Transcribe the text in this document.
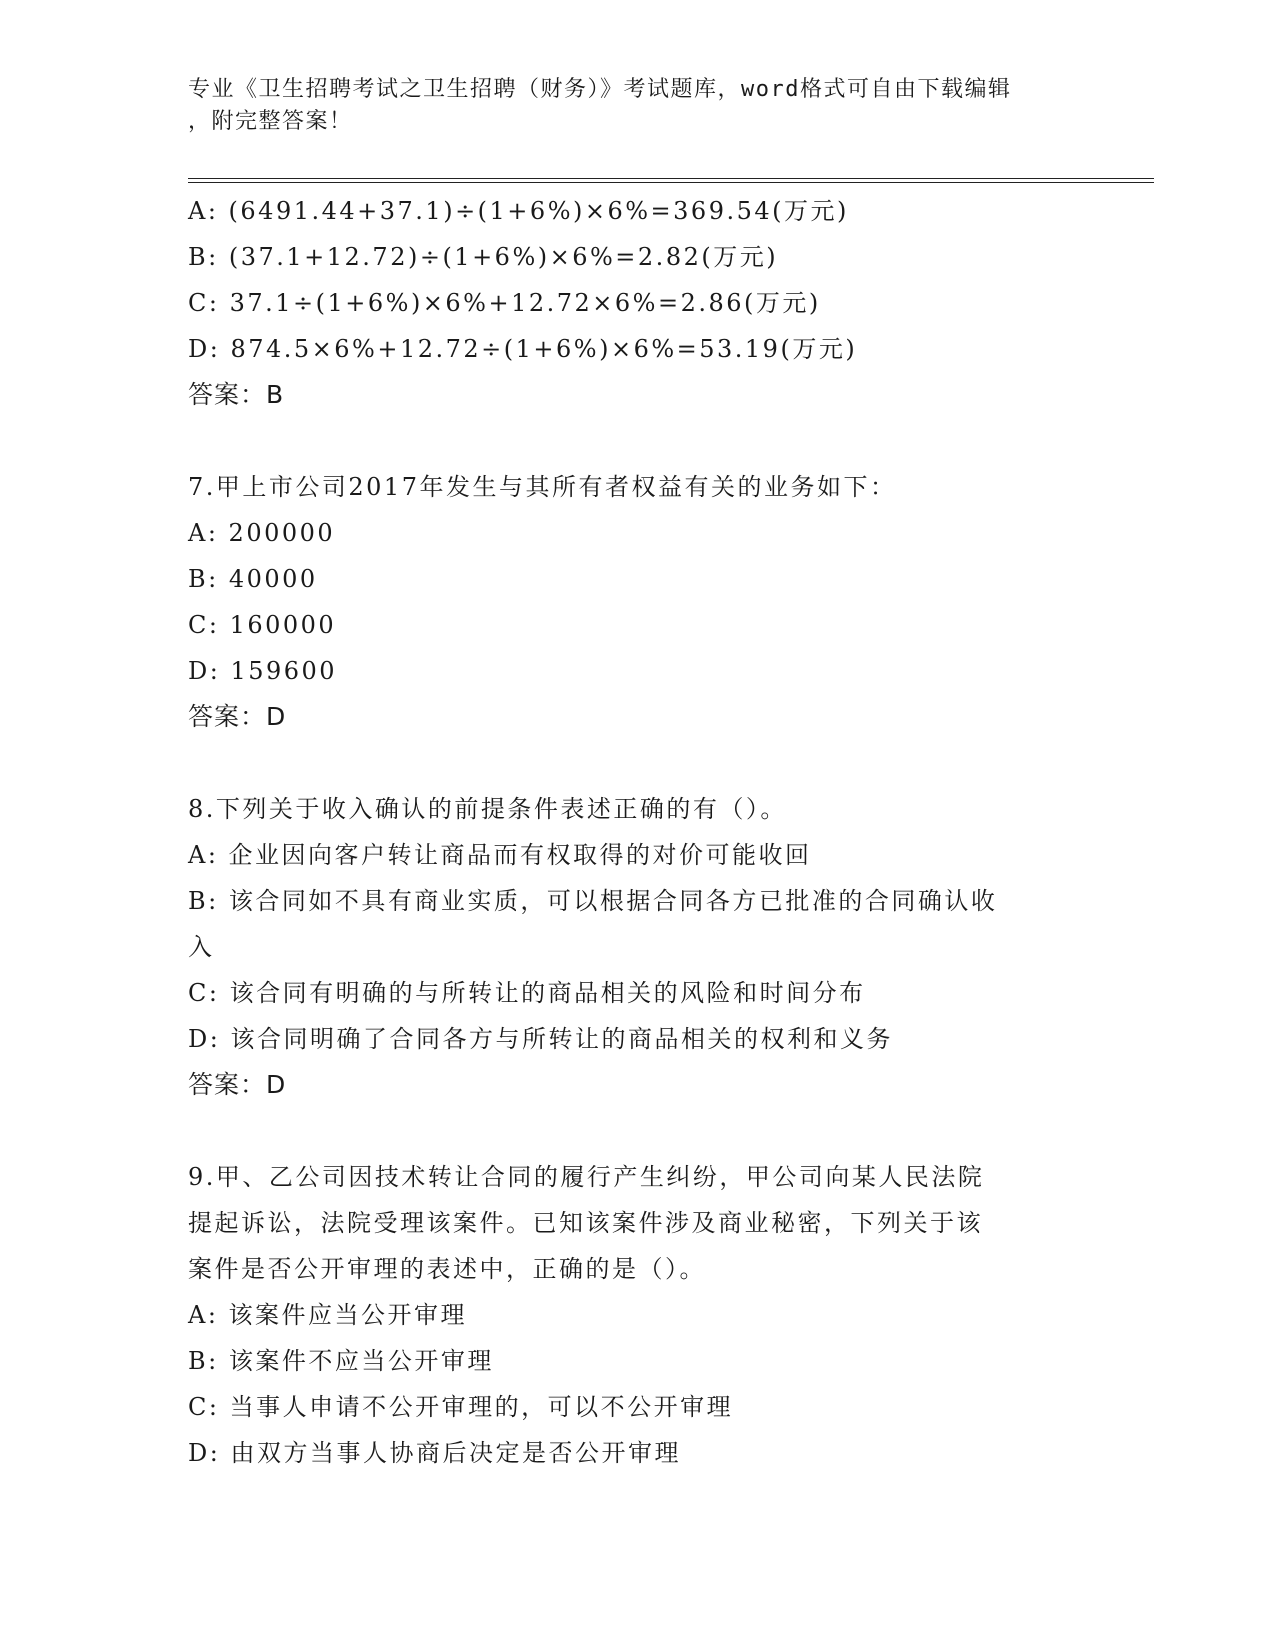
专业《卫生招聘考试之卫生招聘（财务）》考试题库，word格式可自由下载编辑
，附完整答案！
A: (6491.44+37.1)÷(1+6%)×6%=369.54(万元)
B: (37.1+12.72)÷(1+6%)×6%=2.82(万元)
C: 37.1÷(1+6%)×6%+12.72×6%=2.86(万元)
D: 874.5×6%+12.72÷(1+6%)×6%=53.19(万元)
答案：B
7.甲上市公司2017年发生与其所有者权益有关的业务如下：
A: 200000
B: 40000
C: 160000
D: 159600
答案：D
8.下列关于收入确认的前提条件表述正确的有（）。
A: 企业因向客户转让商品而有权取得的对价可能收回
B: 该合同如不具有商业实质，可以根据合同各方已批准的合同确认收
入
C: 该合同有明确的与所转让的商品相关的风险和时间分布
D: 该合同明确了合同各方与所转让的商品相关的权利和义务
答案：D
9.甲、乙公司因技术转让合同的履行产生纠纷，甲公司向某人民法院
提起诉讼，法院受理该案件。已知该案件涉及商业秘密，下列关于该
案件是否公开审理的表述中，正确的是（）。
A: 该案件应当公开审理
B: 该案件不应当公开审理
C: 当事人申请不公开审理的，可以不公开审理
D: 由双方当事人协商后决定是否公开审理
